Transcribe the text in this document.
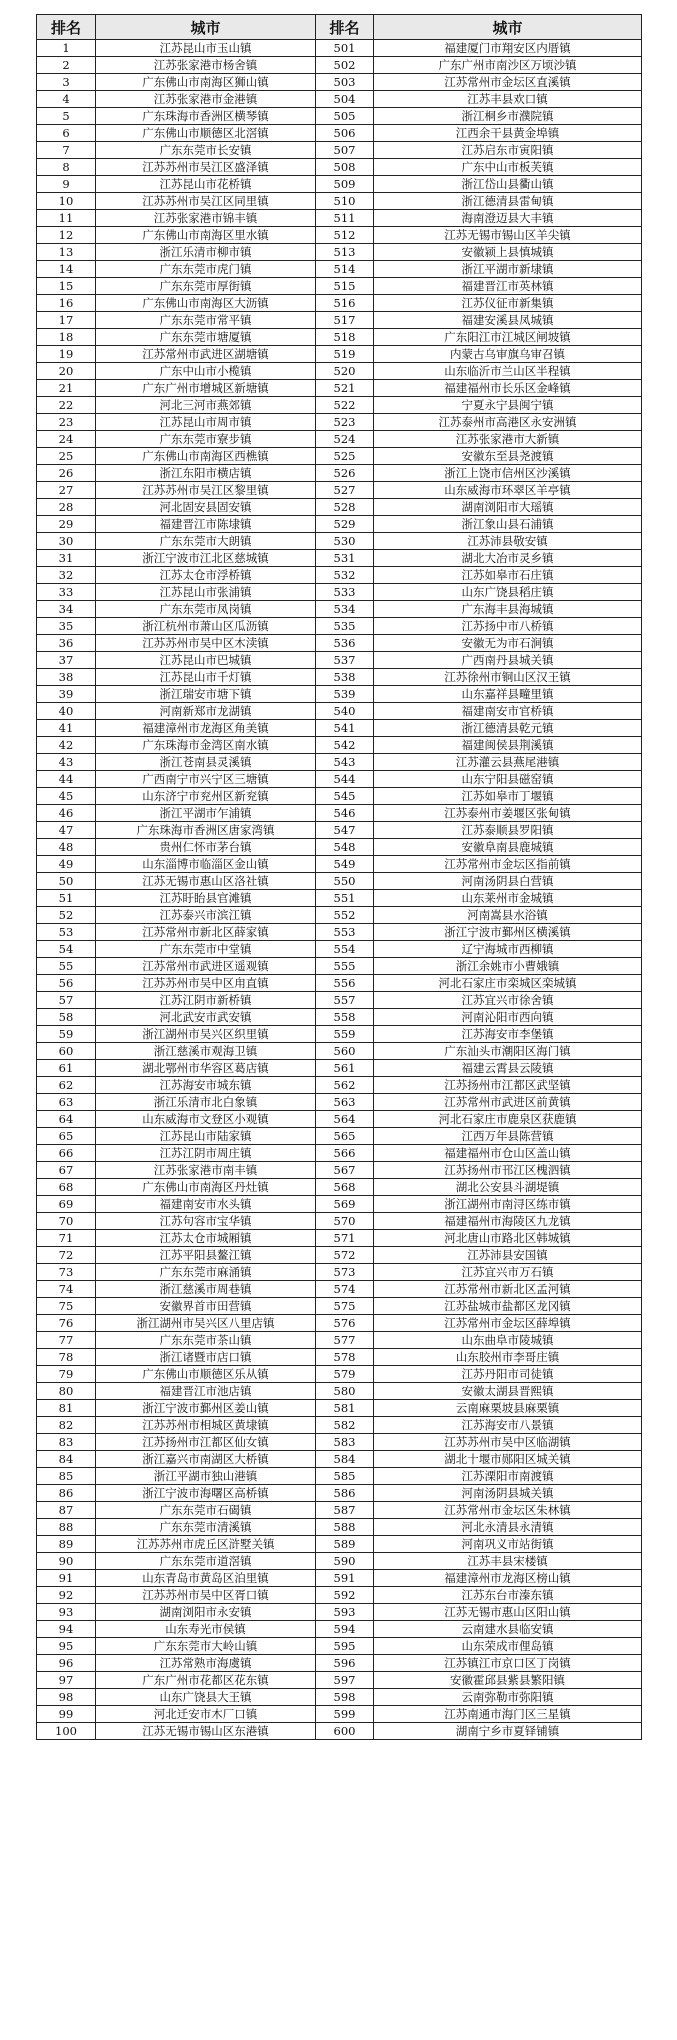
排名	城市	排名	城市
1	江苏昆山市玉山镇	501	福建厦门市翔安区内厝镇
2	江苏张家港市杨舍镇	502	广东广州市南沙区万顷沙镇
3	广东佛山市南海区狮山镇	503	江苏常州市金坛区直溪镇
4	江苏张家港市金港镇	504	江苏丰县欢口镇
5	广东珠海市香洲区横琴镇	505	浙江桐乡市濮院镇
6	广东佛山市顺德区北滘镇	506	江西余干县黄金埠镇
7	广东东莞市长安镇	507	江苏启东市寅阳镇
8	江苏苏州市吴江区盛泽镇	508	广东中山市板芙镇
9	江苏昆山市花桥镇	509	浙江岱山县衢山镇
10	江苏苏州市吴江区同里镇	510	浙江德清县雷甸镇
11	江苏张家港市锦丰镇	511	海南澄迈县大丰镇
12	广东佛山市南海区里水镇	512	江苏无锡市锡山区羊尖镇
13	浙江乐清市柳市镇	513	安徽颍上县慎城镇
14	广东东莞市虎门镇	514	浙江平湖市新埭镇
15	广东东莞市厚街镇	515	福建晋江市英林镇
16	广东佛山市南海区大沥镇	516	江苏仪征市新集镇
17	广东东莞市常平镇	517	福建安溪县凤城镇
18	广东东莞市塘厦镇	518	广东阳江市江城区闸坡镇
19	江苏常州市武进区湖塘镇	519	内蒙古乌审旗乌审召镇
20	广东中山市小榄镇	520	山东临沂市兰山区半程镇
21	广东广州市增城区新塘镇	521	福建福州市长乐区金峰镇
22	河北三河市燕郊镇	522	宁夏永宁县闽宁镇
23	江苏昆山市周市镇	523	江苏泰州市高港区永安洲镇
24	广东东莞市寮步镇	524	江苏张家港市大新镇
25	广东佛山市南海区西樵镇	525	安徽东至县尧渡镇
26	浙江东阳市横店镇	526	浙江上饶市信州区沙溪镇
27	江苏苏州市吴江区黎里镇	527	山东威海市环翠区羊亭镇
28	河北固安县固安镇	528	湖南浏阳市大瑶镇
29	福建晋江市陈埭镇	529	浙江象山县石浦镇
30	广东东莞市大朗镇	530	江苏沛县敬安镇
31	浙江宁波市江北区慈城镇	531	湖北大冶市灵乡镇
32	江苏太仓市浮桥镇	532	江苏如皋市石庄镇
33	江苏昆山市张浦镇	533	山东广饶县稻庄镇
34	广东东莞市凤岗镇	534	广东海丰县海城镇
35	浙江杭州市萧山区瓜沥镇	535	江苏扬中市八桥镇
36	江苏苏州市吴中区木渎镇	536	安徽无为市石涧镇
37	江苏昆山市巴城镇	537	广西南丹县城关镇
38	江苏昆山市千灯镇	538	江苏徐州市铜山区汉王镇
39	浙江瑞安市塘下镇	539	山东嘉祥县疃里镇
40	河南新郑市龙湖镇	540	福建南安市官桥镇
41	福建漳州市龙海区角美镇	541	浙江德清县乾元镇
42	广东珠海市金湾区南水镇	542	福建闽侯县荆溪镇
43	浙江苍南县灵溪镇	543	江苏灌云县燕尾港镇
44	广西南宁市兴宁区三塘镇	544	山东宁阳县磁窑镇
45	山东济宁市兖州区新兖镇	545	江苏如皋市丁堰镇
46	浙江平湖市乍浦镇	546	江苏泰州市姜堰区张甸镇
47	广东珠海市香洲区唐家湾镇	547	江苏泰顺县罗阳镇
48	贵州仁怀市茅台镇	548	安徽阜南县鹿城镇
49	山东淄博市临淄区金山镇	549	江苏常州市金坛区指前镇
50	江苏无锡市惠山区洛社镇	550	河南汤阴县白营镇
51	江苏盱眙县官滩镇	551	山东莱州市金城镇
52	江苏泰兴市滨江镇	552	河南嵩县水浴镇
53	江苏常州市新北区薛家镇	553	浙江宁波市鄞州区横溪镇
54	广东东莞市中堂镇	554	辽宁海城市西柳镇
55	江苏常州市武进区遥观镇	555	浙江余姚市小曹娥镇
56	江苏苏州市吴中区甪直镇	556	河北石家庄市栾城区栾城镇
57	江苏江阴市新桥镇	557	江苏宜兴市徐舍镇
58	河北武安市武安镇	558	河南沁阳市西向镇
59	浙江湖州市吴兴区织里镇	559	江苏海安市李堡镇
60	浙江慈溪市观海卫镇	560	广东汕头市潮阳区海门镇
61	湖北鄂州市华容区葛店镇	561	福建云霄县云陵镇
62	江苏海安市城东镇	562	江苏扬州市江都区武坚镇
63	浙江乐清市北白象镇	563	江苏常州市武进区前黄镇
64	山东威海市文登区小观镇	564	河北石家庄市鹿泉区获鹿镇
65	江苏昆山市陆家镇	565	江西万年县陈营镇
66	江苏江阴市周庄镇	566	福建福州市仓山区盖山镇
67	江苏张家港市南丰镇	567	江苏扬州市邗江区槐泗镇
68	广东佛山市南海区丹灶镇	568	湖北公安县斗湖堤镇
69	福建南安市水头镇	569	浙江湖州市南浔区练市镇
70	江苏句容市宝华镇	570	福建福州市海陵区九龙镇
71	江苏太仓市城厢镇	571	河北唐山市路北区韩城镇
72	江苏平阳县鳌江镇	572	江苏沛县安国镇
73	广东东莞市麻涌镇	573	江苏宜兴市万石镇
74	浙江慈溪市周巷镇	574	江苏常州市新北区孟河镇
75	安徽界首市田营镇	575	江苏盐城市盐都区龙冈镇
76	浙江湖州市吴兴区八里店镇	576	江苏常州市金坛区薛埠镇
77	广东东莞市茶山镇	577	山东曲阜市陵城镇
78	浙江诸暨市店口镇	578	山东胶州市李哥庄镇
79	广东佛山市顺德区乐从镇	579	江苏丹阳市司徒镇
80	福建晋江市池店镇	580	安徽太湖县晋熙镇
81	浙江宁波市鄞州区姜山镇	581	云南麻栗坡县麻栗镇
82	江苏苏州市相城区黄埭镇	582	江苏海安市八景镇
83	江苏扬州市江都区仙女镇	583	江苏苏州市吴中区临湖镇
84	浙江嘉兴市南湖区大桥镇	584	湖北十堰市郧阳区城关镇
85	浙江平湖市独山港镇	585	江苏溧阳市南渡镇
86	浙江宁波市海曙区高桥镇	586	河南汤阴县城关镇
87	广东东莞市石碣镇	587	江苏常州市金坛区朱林镇
88	广东东莞市清溪镇	588	河北永清县永清镇
89	江苏苏州市虎丘区浒墅关镇	589	河南巩义市站街镇
90	广东东莞市道滘镇	590	江苏丰县宋楼镇
91	山东青岛市黄岛区泊里镇	591	福建漳州市龙海区榜山镇
92	江苏苏州市吴中区胥口镇	592	江苏东台市溱东镇
93	湖南浏阳市永安镇	593	江苏无锡市惠山区阳山镇
94	山东寿光市侯镇	594	云南建水县临安镇
95	广东东莞市大岭山镇	595	山东荣成市俚岛镇
96	江苏常熟市海虞镇	596	江苏镇江市京口区丁岗镇
97	广东广州市花都区花东镇	597	安徽霍邱县紫县繁阳镇
98	山东广饶县大王镇	598	云南弥勒市弥阳镇
99	河北迁安市木厂口镇	599	江苏南通市海门区三星镇
100	江苏无锡市锡山区东港镇	600	湖南宁乡市夏铎铺镇
